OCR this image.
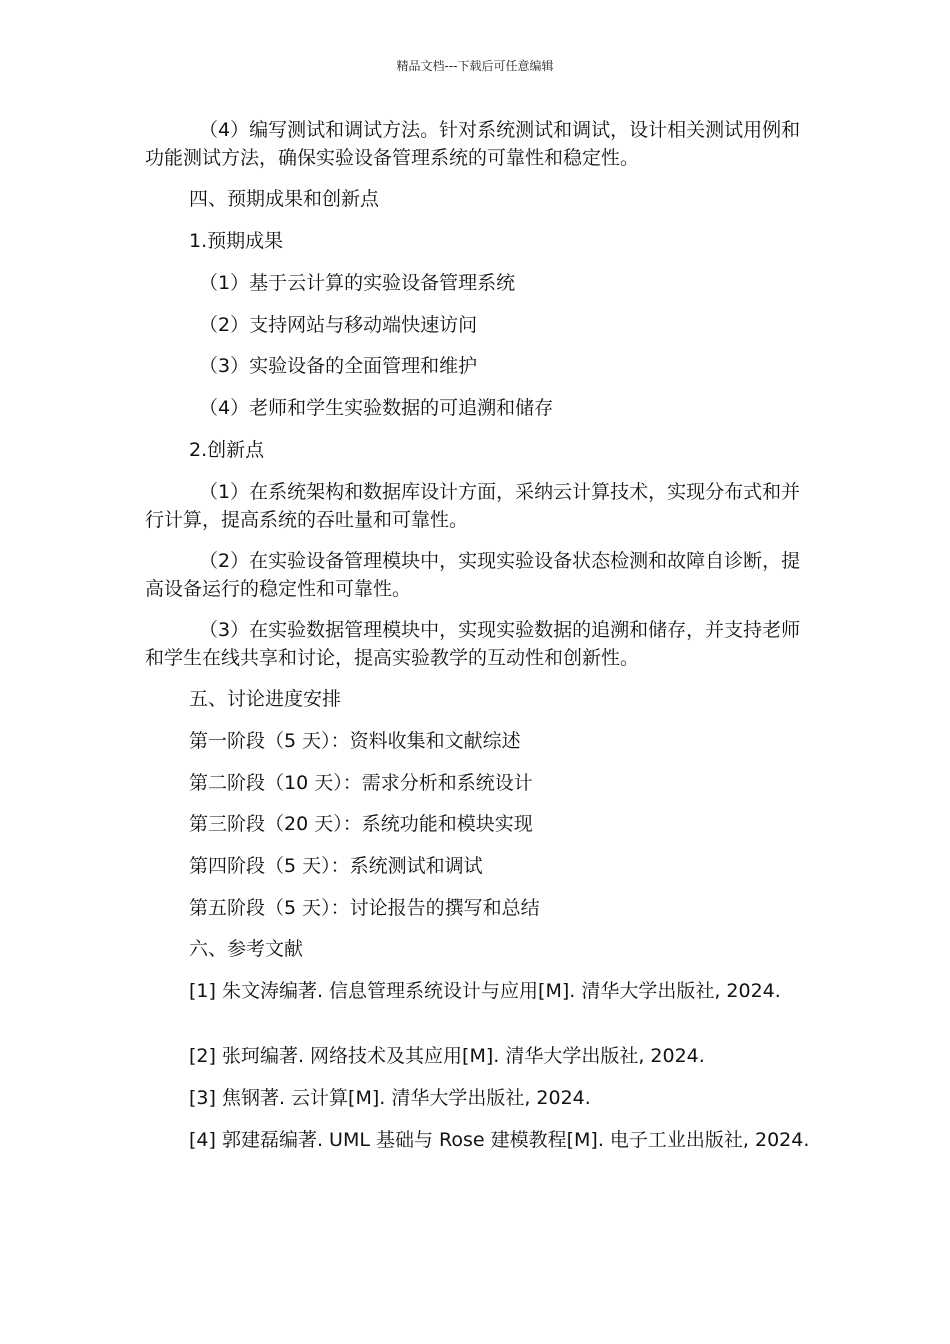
精品文档---下载后可任意编辑
（4）编写测试和调试方法。针对系统测试和调试，设计相关测试用例和功能测试方法，确保实验设备管理系统的可靠性和稳定性。
四、预期成果和创新点
1.预期成果
（1）基于云计算的实验设备管理系统
（2）支持网站与移动端快速访问
（3）实验设备的全面管理和维护
（4）老师和学生实验数据的可追溯和储存
2.创新点
（1）在系统架构和数据库设计方面，采纳云计算技术，实现分布式和并行计算，提高系统的吞吐量和可靠性。
（2）在实验设备管理模块中，实现实验设备状态检测和故障自诊断，提高设备运行的稳定性和可靠性。
（3）在实验数据管理模块中，实现实验数据的追溯和储存，并支持老师和学生在线共享和讨论，提高实验教学的互动性和创新性。
五、讨论进度安排
第一阶段（5 天）：资料收集和文献综述
第二阶段（10 天）：需求分析和系统设计
第三阶段（20 天）：系统功能和模块实现
第四阶段（5 天）：系统测试和调试
第五阶段（5 天）：讨论报告的撰写和总结
六、参考文献
[1] 朱文涛编著. 信息管理系统设计与应用[M]. 清华大学出版社, 2024.
[2] 张珂编著. 网络技术及其应用[M]. 清华大学出版社, 2024.
[3] 焦钢著. 云计算[M]. 清华大学出版社, 2024.
[4] 郭建磊编著. UML 基础与 Rose 建模教程[M]. 电子工业出版社, 2024.
